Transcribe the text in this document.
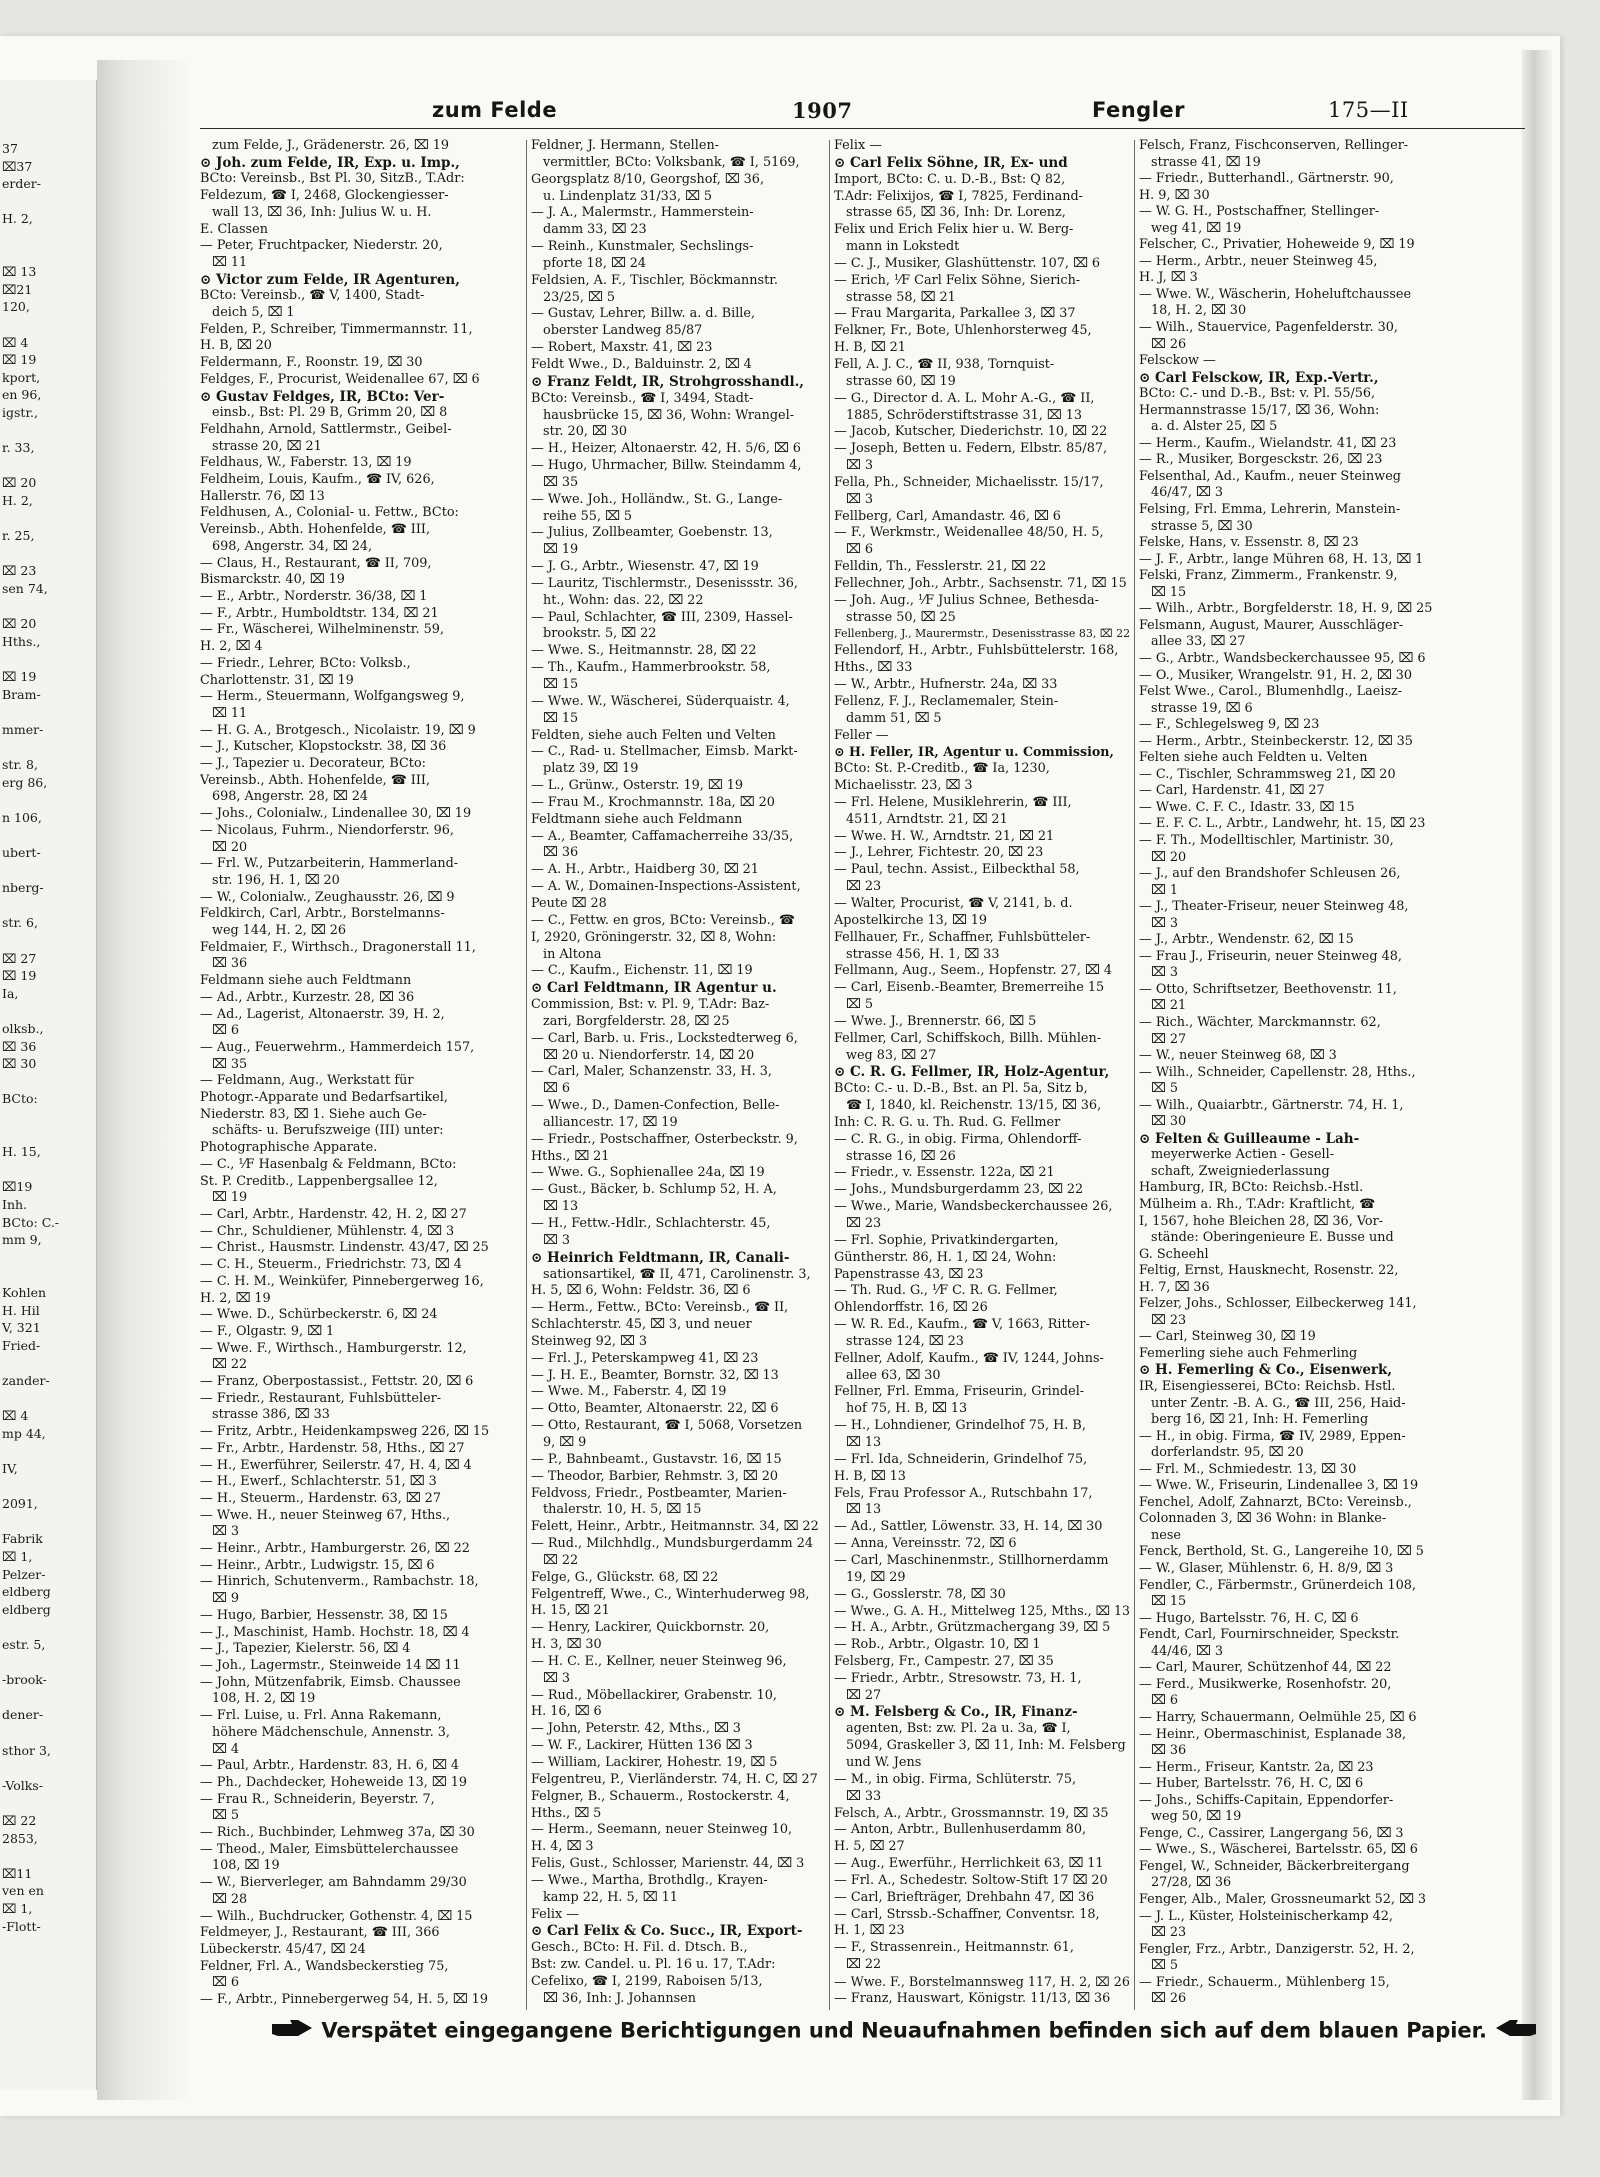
37
⌧37
erder-
H. 2,
⌧ 13
⌧21
120,
⌧ 4
⌧ 19
kport,
en 96,
igstr.,
r. 33,
⌧ 20
H. 2,
r. 25,
⌧ 23
sen 74,
⌧ 20
Hths.,
⌧ 19
Bram-
mmer-
str. 8,
erg 86,
n 106,
ubert-
nberg-
str. 6,
⌧ 27
⌧ 19
Ia,
olksb.,
⌧ 36
⌧ 30
BCto:
H. 15,
⌧19
Inh.
BCto: C.-
mm 9,
Kohlen
H. Hil
V, 321
Fried-
zander-
⌧ 4
mp 44,
IV,
2091,
Fabrik
⌧ 1,
Pelzer-
eldberg
eldberg
estr. 5,
-brook-
dener-
sthor 3,
-Volks-
⌧ 22
2853,
⌧11
ven en
⌧ 1,
-Flott-
zum Felde	1907	Fengler	175—II
zum Felde, J., Grädenerstr. 26, ⌧ 19
⊙ Joh. zum Felde, IR, Exp. u. Imp.,
BCto: Vereinsb., Bst Pl. 30, SitzB., T.Adr:
Feldezum, ☎ I, 2468, Glockengiesser-
wall 13, ⌧ 36, Inh: Julius W. u. H.
E. Classen
— Peter, Fruchtpacker, Niederstr. 20,
⌧ 11
⊙ Victor zum Felde, IR Agenturen,
BCto: Vereinsb., ☎ V, 1400, Stadt-
deich 5, ⌧ 1
Felden, P., Schreiber, Timmermannstr. 11,
H. B, ⌧ 20
Feldermann, F., Roonstr. 19, ⌧ 30
Feldges, F., Procurist, Weidenallee 67, ⌧ 6
⊙ Gustav Feldges, IR, BCto: Ver-
einsb., Bst: Pl. 29 B, Grimm 20, ⌧ 8
Feldhahn, Arnold, Sattlermstr., Geibel-
strasse 20, ⌧ 21
Feldhaus, W., Faberstr. 13, ⌧ 19
Feldheim, Louis, Kaufm., ☎ IV, 626,
Hallerstr. 76, ⌧ 13
Feldhusen, A., Colonial- u. Fettw., BCto:
Vereinsb., Abth. Hohenfelde, ☎ III,
698, Angerstr. 34, ⌧ 24,
— Claus, H., Restaurant, ☎ II, 709,
Bismarckstr. 40, ⌧ 19
— E., Arbtr., Norderstr. 36/38, ⌧ 1
— F., Arbtr., Humboldtstr. 134, ⌧ 21
— Fr., Wäscherei, Wilhelminenstr. 59,
H. 2, ⌧ 4
— Friedr., Lehrer, BCto: Volksb.,
Charlottenstr. 31, ⌧ 19
— Herm., Steuermann, Wolfgangsweg 9,
⌧ 11
— H. G. A., Brotgesch., Nicolaistr. 19, ⌧ 9
— J., Kutscher, Klopstockstr. 38, ⌧ 36
— J., Tapezier u. Decorateur, BCto:
Vereinsb., Abth. Hohenfelde, ☎ III,
698, Angerstr. 28, ⌧ 24
— Johs., Colonialw., Lindenallee 30, ⌧ 19
— Nicolaus, Fuhrm., Niendorferstr. 96,
⌧ 20
— Frl. W., Putzarbeiterin, Hammerland-
str. 196, H. 1, ⌧ 20
— W., Colonialw., Zeughausstr. 26, ⌧ 9
Feldkirch, Carl, Arbtr., Borstelmanns-
weg 144, H. 2, ⌧ 26
Feldmaier, F., Wirthsch., Dragonerstall 11,
⌧ 36
Feldmann siehe auch Feldtmann
— Ad., Arbtr., Kurzestr. 28, ⌧ 36
— Ad., Lagerist, Altonaerstr. 39, H. 2,
⌧ 6
— Aug., Feuerwehrm., Hammerdeich 157,
⌧ 35
— Feldmann, Aug., Werkstatt für
Photogr.-Apparate und Bedarfsartikel,
Niederstr. 83, ⌧ 1. Siehe auch Ge-
schäfts- u. Berufszweige (III) unter:
Photographische Apparate.
— C., ⅟F Hasenbalg & Feldmann, BCto:
St. P. Creditb., Lappenbergsallee 12,
⌧ 19
— Carl, Arbtr., Hardenstr. 42, H. 2, ⌧ 27
— Chr., Schuldiener, Mühlenstr. 4, ⌧ 3
— Christ., Hausmstr. Lindenstr. 43/47, ⌧ 25
— C. H., Steuerm., Friedrichstr. 73, ⌧ 4
— C. H. M., Weinküfer, Pinnebergerweg 16,
H. 2, ⌧ 19
— Wwe. D., Schürbeckerstr. 6, ⌧ 24
— F., Olgastr. 9, ⌧ 1
— Wwe. F., Wirthsch., Hamburgerstr. 12,
⌧ 22
— Franz, Oberpostassist., Fettstr. 20, ⌧ 6
— Friedr., Restaurant, Fuhlsbütteler-
strasse 386, ⌧ 33
— Fritz, Arbtr., Heidenkampsweg 226, ⌧ 15
— Fr., Arbtr., Hardenstr. 58, Hths., ⌧ 27
— H., Ewerführer, Seilerstr. 47, H. 4, ⌧ 4
— H., Ewerf., Schlachterstr. 51, ⌧ 3
— H., Steuerm., Hardenstr. 63, ⌧ 27
— Wwe. H., neuer Steinweg 67, Hths.,
⌧ 3
— Heinr., Arbtr., Hamburgerstr. 26, ⌧ 22
— Heinr., Arbtr., Ludwigstr. 15, ⌧ 6
— Hinrich, Schutenverm., Rambachstr. 18,
⌧ 9
— Hugo, Barbier, Hessenstr. 38, ⌧ 15
— J., Maschinist, Hamb. Hochstr. 18, ⌧ 4
— J., Tapezier, Kielerstr. 56, ⌧ 4
— Joh., Lagermstr., Steinweide 14 ⌧ 11
— John, Mützenfabrik, Eimsb. Chaussee
108, H. 2, ⌧ 19
— Frl. Luise, u. Frl. Anna Rakemann,
höhere Mädchenschule, Annenstr. 3,
⌧ 4
— Paul, Arbtr., Hardenstr. 83, H. 6, ⌧ 4
— Ph., Dachdecker, Hoheweide 13, ⌧ 19
— Frau R., Schneiderin, Beyerstr. 7,
⌧ 5
— Rich., Buchbinder, Lehmweg 37a, ⌧ 30
— Theod., Maler, Eimsbüttelerchaussee
108, ⌧ 19
— W., Bierverleger, am Bahndamm 29/30
⌧ 28
— Wilh., Buchdrucker, Gothenstr. 4, ⌧ 15
Feldmeyer, J., Restaurant, ☎ III, 366
Lübeckerstr. 45/47, ⌧ 24
Feldner, Frl. A., Wandsbeckerstieg 75,
⌧ 6
— F., Arbtr., Pinnebergerweg 54, H. 5, ⌧ 19
Feldner, J. Hermann, Stellen-
vermittler, BCto: Volksbank, ☎ I, 5169,
Georgsplatz 8/10, Georgshof, ⌧ 36,
u. Lindenplatz 31/33, ⌧ 5
— J. A., Malermstr., Hammerstein-
damm 33, ⌧ 23
— Reinh., Kunstmaler, Sechslings-
pforte 18, ⌧ 24
Feldsien, A. F., Tischler, Böckmannstr.
23/25, ⌧ 5
— Gustav, Lehrer, Billw. a. d. Bille,
oberster Landweg 85/87
— Robert, Maxstr. 41, ⌧ 23
Feldt Wwe., D., Balduinstr. 2, ⌧ 4
⊙ Franz Feldt, IR, Strohgrosshandl.,
BCto: Vereinsb., ☎ I, 3494, Stadt-
hausbrücke 15, ⌧ 36, Wohn: Wrangel-
str. 20, ⌧ 30
— H., Heizer, Altonaerstr. 42, H. 5/6, ⌧ 6
— Hugo, Uhrmacher, Billw. Steindamm 4,
⌧ 35
— Wwe. Joh., Holländw., St. G., Lange-
reihe 55, ⌧ 5
— Julius, Zollbeamter, Goebenstr. 13,
⌧ 19
— J. G., Arbtr., Wiesenstr. 47, ⌧ 19
— Lauritz, Tischlermstr., Desenissstr. 36,
ht., Wohn: das. 22, ⌧ 22
— Paul, Schlachter, ☎ III, 2309, Hassel-
brookstr. 5, ⌧ 22
— Wwe. S., Heitmannstr. 28, ⌧ 22
— Th., Kaufm., Hammerbrookstr. 58,
⌧ 15
— Wwe. W., Wäscherei, Süderquaistr. 4,
⌧ 15
Feldten, siehe auch Felten und Velten
— C., Rad- u. Stellmacher, Eimsb. Markt-
platz 39, ⌧ 19
— L., Grünw., Osterstr. 19, ⌧ 19
— Frau M., Krochmannstr. 18a, ⌧ 20
Feldtmann siehe auch Feldmann
— A., Beamter, Caffamacherreihe 33/35,
⌧ 36
— A. H., Arbtr., Haidberg 30, ⌧ 21
— A. W., Domainen-Inspections-Assistent,
Peute ⌧ 28
— C., Fettw. en gros, BCto: Vereinsb., ☎
I, 2920, Gröningerstr. 32, ⌧ 8, Wohn:
in Altona
— C., Kaufm., Eichenstr. 11, ⌧ 19
⊙ Carl Feldtmann, IR Agentur u.
Commission, Bst: v. Pl. 9, T.Adr: Baz-
zari, Borgfelderstr. 28, ⌧ 25
— Carl, Barb. u. Fris., Lockstedterweg 6,
⌧ 20 u. Niendorferstr. 14, ⌧ 20
— Carl, Maler, Schanzenstr. 33, H. 3,
⌧ 6
— Wwe., D., Damen-Confection, Belle-
alliancestr. 17, ⌧ 19
— Friedr., Postschaffner, Osterbeckstr. 9,
Hths., ⌧ 21
— Wwe. G., Sophienallee 24a, ⌧ 19
— Gust., Bäcker, b. Schlump 52, H. A,
⌧ 13
— H., Fettw.-Hdlr., Schlachterstr. 45,
⌧ 3
⊙ Heinrich Feldtmann, IR, Canali-
sationsartikel, ☎ II, 471, Carolinenstr. 3,
H. 5, ⌧ 6, Wohn: Feldstr. 36, ⌧ 6
— Herm., Fettw., BCto: Vereinsb., ☎ II,
Schlachterstr. 45, ⌧ 3, und neuer
Steinweg 92, ⌧ 3
— Frl. J., Peterskampweg 41, ⌧ 23
— J. H. E., Beamter, Bornstr. 32, ⌧ 13
— Wwe. M., Faberstr. 4, ⌧ 19
— Otto, Beamter, Altonaerstr. 22, ⌧ 6
— Otto, Restaurant, ☎ I, 5068, Vorsetzen
9, ⌧ 9
— P., Bahnbeamt., Gustavstr. 16, ⌧ 15
— Theodor, Barbier, Rehmstr. 3, ⌧ 20
Feldvoss, Friedr., Postbeamter, Marien-
thalerstr. 10, H. 5, ⌧ 15
Felett, Heinr., Arbtr., Heitmannstr. 34, ⌧ 22
— Rud., Milchhdlg., Mundsburgerdamm 24
⌧ 22
Felge, G., Glückstr. 68, ⌧ 22
Felgentreff, Wwe., C., Winterhuderweg 98,
H. 15, ⌧ 21
— Henry, Lackirer, Quickbornstr. 20,
H. 3, ⌧ 30
— H. C. E., Kellner, neuer Steinweg 96,
⌧ 3
— Rud., Möbellackirer, Grabenstr. 10,
H. 16, ⌧ 6
— John, Peterstr. 42, Mths., ⌧ 3
— W. F., Lackirer, Hütten 136 ⌧ 3
— William, Lackirer, Hohestr. 19, ⌧ 5
Felgentreu, P., Vierländerstr. 74, H. C, ⌧ 27
Felgner, B., Schauerm., Rostockerstr. 4,
Hths., ⌧ 5
— Herm., Seemann, neuer Steinweg 10,
H. 4, ⌧ 3
Felis, Gust., Schlosser, Marienstr. 44, ⌧ 3
— Wwe., Martha, Brothdlg., Krayen-
kamp 22, H. 5, ⌧ 11
Felix —
⊙ Carl Felix & Co. Succ., IR, Export-
Gesch., BCto: H. Fil. d. Dtsch. B.,
Bst: zw. Candel. u. Pl. 16 u. 17, T.Adr:
Cefelixo, ☎ I, 2199, Raboisen 5/13,
⌧ 36, Inh: J. Johannsen
Felix —
⊙ Carl Felix Söhne, IR, Ex- und
Import, BCto: C. u. D.-B., Bst: Q 82,
T.Adr: Felixijos, ☎ I, 7825, Ferdinand-
strasse 65, ⌧ 36, Inh: Dr. Lorenz,
Felix und Erich Felix hier u. W. Berg-
mann in Lokstedt
— C. J., Musiker, Glashüttenstr. 107, ⌧ 6
— Erich, ⅟F Carl Felix Söhne, Sierich-
strasse 58, ⌧ 21
— Frau Margarita, Parkallee 3, ⌧ 37
Felkner, Fr., Bote, Uhlenhorsterweg 45,
H. B, ⌧ 21
Fell, A. J. C., ☎ II, 938, Tornquist-
strasse 60, ⌧ 19
— G., Director d. A. L. Mohr A.-G., ☎ II,
1885, Schröderstiftstrasse 31, ⌧ 13
— Jacob, Kutscher, Diederichstr. 10, ⌧ 22
— Joseph, Betten u. Federn, Elbstr. 85/87,
⌧ 3
Fella, Ph., Schneider, Michaelisstr. 15/17,
⌧ 3
Fellberg, Carl, Amandastr. 46, ⌧ 6
— F., Werkmstr., Weidenallee 48/50, H. 5,
⌧ 6
Felldin, Th., Fesslerstr. 21, ⌧ 22
Fellechner, Joh., Arbtr., Sachsenstr. 71, ⌧ 15
— Joh. Aug., ⅟F Julius Schnee, Bethesda-
strasse 50, ⌧ 25
Fellenberg, J., Maurermstr., Desenisstrasse 83, ⌧ 22
Fellendorf, H., Arbtr., Fuhlsbüttelerstr. 168,
Hths., ⌧ 33
— W., Arbtr., Hufnerstr. 24a, ⌧ 33
Fellenz, F. J., Reclamemaler, Stein-
damm 51, ⌧ 5
Feller —
⊙ H. Feller, IR, Agentur u. Commission,
BCto: St. P.-Creditb., ☎ Ia, 1230,
Michaelisstr. 23, ⌧ 3
— Frl. Helene, Musiklehrerin, ☎ III,
4511, Arndtstr. 21, ⌧ 21
— Wwe. H. W., Arndtstr. 21, ⌧ 21
— J., Lehrer, Fichtestr. 20, ⌧ 23
— Paul, techn. Assist., Eilbeckthal 58,
⌧ 23
— Walter, Procurist, ☎ V, 2141, b. d.
Apostelkirche 13, ⌧ 19
Fellhauer, Fr., Schaffner, Fuhlsbütteler-
strasse 456, H. 1, ⌧ 33
Fellmann, Aug., Seem., Hopfenstr. 27, ⌧ 4
— Carl, Eisenb.-Beamter, Bremerreihe 15
⌧ 5
— Wwe. J., Brennerstr. 66, ⌧ 5
Fellmer, Carl, Schiffskoch, Billh. Mühlen-
weg 83, ⌧ 27
⊙ C. R. G. Fellmer, IR, Holz-Agentur,
BCto: C.- u. D.-B., Bst. an Pl. 5a, Sitz b,
☎ I, 1840, kl. Reichenstr. 13/15, ⌧ 36,
Inh: C. R. G. u. Th. Rud. G. Fellmer
— C. R. G., in obig. Firma, Ohlendorff-
strasse 16, ⌧ 26
— Friedr., v. Essenstr. 122a, ⌧ 21
— Johs., Mundsburgerdamm 23, ⌧ 22
— Wwe., Marie, Wandsbeckerchaussee 26,
⌧ 23
— Frl. Sophie, Privatkindergarten,
Güntherstr. 86, H. 1, ⌧ 24, Wohn:
Papenstrasse 43, ⌧ 23
— Th. Rud. G., ⅟F C. R. G. Fellmer,
Ohlendorffstr. 16, ⌧ 26
— W. R. Ed., Kaufm., ☎ V, 1663, Ritter-
strasse 124, ⌧ 23
Fellner, Adolf, Kaufm., ☎ IV, 1244, Johns-
allee 63, ⌧ 30
Fellner, Frl. Emma, Friseurin, Grindel-
hof 75, H. B, ⌧ 13
— H., Lohndiener, Grindelhof 75, H. B,
⌧ 13
— Frl. Ida, Schneiderin, Grindelhof 75,
H. B, ⌧ 13
Fels, Frau Professor A., Rutschbahn 17,
⌧ 13
— Ad., Sattler, Löwenstr. 33, H. 14, ⌧ 30
— Anna, Vereinsstr. 72, ⌧ 6
— Carl, Maschinenmstr., Stillhornerdamm
19, ⌧ 29
— G., Gosslerstr. 78, ⌧ 30
— Wwe., G. A. H., Mittelweg 125, Mths., ⌧ 13
— H. A., Arbtr., Grützmachergang 39, ⌧ 5
— Rob., Arbtr., Olgastr. 10, ⌧ 1
Felsberg, Fr., Campestr. 27, ⌧ 35
— Friedr., Arbtr., Stresowstr. 73, H. 1,
⌧ 27
⊙ M. Felsberg & Co., IR, Finanz-
agenten, Bst: zw. Pl. 2a u. 3a, ☎ I,
5094, Graskeller 3, ⌧ 11, Inh: M. Felsberg
und W. Jens
— M., in obig. Firma, Schlüterstr. 75,
⌧ 33
Felsch, A., Arbtr., Grossmannstr. 19, ⌧ 35
— Anton, Arbtr., Bullenhuserdamm 80,
H. 5, ⌧ 27
— Aug., Ewerführ., Herrlichkeit 63, ⌧ 11
— Frl. A., Schedestr. Soltow-Stift 17 ⌧ 20
— Carl, Briefträger, Drehbahn 47, ⌧ 36
— Carl, Strssb.-Schaffner, Conventsr. 18,
H. 1, ⌧ 23
— F., Strassenrein., Heitmannstr. 61,
⌧ 22
— Wwe. F., Borstelmannsweg 117, H. 2, ⌧ 26
— Franz, Hauswart, Königstr. 11/13, ⌧ 36
Felsch, Franz, Fischconserven, Rellinger-
strasse 41, ⌧ 19
— Friedr., Butterhandl., Gärtnerstr. 90,
H. 9, ⌧ 30
— W. G. H., Postschaffner, Stellinger-
weg 41, ⌧ 19
Felscher, C., Privatier, Hoheweide 9, ⌧ 19
— Herm., Arbtr., neuer Steinweg 45,
H. J, ⌧ 3
— Wwe. W., Wäscherin, Hoheluftchaussee
18, H. 2, ⌧ 30
— Wilh., Stauervice, Pagenfelderstr. 30,
⌧ 26
Felsckow —
⊙ Carl Felsckow, IR, Exp.-Vertr.,
BCto: C.- und D.-B., Bst: v. Pl. 55/56,
Hermannstrasse 15/17, ⌧ 36, Wohn:
a. d. Alster 25, ⌧ 5
— Herm., Kaufm., Wielandstr. 41, ⌧ 23
— R., Musiker, Borgesckstr. 26, ⌧ 23
Felsenthal, Ad., Kaufm., neuer Steinweg
46/47, ⌧ 3
Felsing, Frl. Emma, Lehrerin, Manstein-
strasse 5, ⌧ 30
Felske, Hans, v. Essenstr. 8, ⌧ 23
— J. F., Arbtr., lange Mühren 68, H. 13, ⌧ 1
Felski, Franz, Zimmerm., Frankenstr. 9,
⌧ 15
— Wilh., Arbtr., Borgfelderstr. 18, H. 9, ⌧ 25
Felsmann, August, Maurer, Ausschläger-
allee 33, ⌧ 27
— G., Arbtr., Wandsbeckerchaussee 95, ⌧ 6
— O., Musiker, Wrangelstr. 91, H. 2, ⌧ 30
Felst Wwe., Carol., Blumenhdlg., Laeisz-
strasse 19, ⌧ 6
— F., Schlegelsweg 9, ⌧ 23
— Herm., Arbtr., Steinbeckerstr. 12, ⌧ 35
Felten siehe auch Feldten u. Velten
— C., Tischler, Schrammsweg 21, ⌧ 20
— Carl, Hardenstr. 41, ⌧ 27
— Wwe. C. F. C., Idastr. 33, ⌧ 15
— E. F. C. L., Arbtr., Landwehr, ht. 15, ⌧ 23
— F. Th., Modelltischler, Martinistr. 30,
⌧ 20
— J., auf den Brandshofer Schleusen 26,
⌧ 1
— J., Theater-Friseur, neuer Steinweg 48,
⌧ 3
— J., Arbtr., Wendenstr. 62, ⌧ 15
— Frau J., Friseurin, neuer Steinweg 48,
⌧ 3
— Otto, Schriftsetzer, Beethovenstr. 11,
⌧ 21
— Rich., Wächter, Marckmannstr. 62,
⌧ 27
— W., neuer Steinweg 68, ⌧ 3
— Wilh., Schneider, Capellenstr. 28, Hths.,
⌧ 5
— Wilh., Quaiarbtr., Gärtnerstr. 74, H. 1,
⌧ 30
⊙ Felten & Guilleaume - Lah-
meyerwerke Actien - Gesell-
schaft, Zweigniederlassung
Hamburg, IR, BCto: Reichsb.-Hstl.
Mülheim a. Rh., T.Adr: Kraftlicht, ☎
I, 1567, hohe Bleichen 28, ⌧ 36, Vor-
stände: Oberingenieure E. Busse und
G. Scheehl
Feltig, Ernst, Hausknecht, Rosenstr. 22,
H. 7, ⌧ 36
Felzer, Johs., Schlosser, Eilbeckerweg 141,
⌧ 23
— Carl, Steinweg 30, ⌧ 19
Femerling siehe auch Fehmerling
⊙ H. Femerling & Co., Eisenwerk,
IR, Eisengiesserei, BCto: Reichsb. Hstl.
unter Zentr. -B. A. G., ☎ III, 256, Haid-
berg 16, ⌧ 21, Inh: H. Femerling
— H., in obig. Firma, ☎ IV, 2989, Eppen-
dorferlandstr. 95, ⌧ 20
— Frl. M., Schmiedestr. 13, ⌧ 30
— Wwe. W., Friseurin, Lindenallee 3, ⌧ 19
Fenchel, Adolf, Zahnarzt, BCto: Vereinsb.,
Colonnaden 3, ⌧ 36 Wohn: in Blanke-
nese
Fenck, Berthold, St. G., Langereihe 10, ⌧ 5
— W., Glaser, Mühlenstr. 6, H. 8/9, ⌧ 3
Fendler, C., Färbermstr., Grünerdeich 108,
⌧ 15
— Hugo, Bartelsstr. 76, H. C, ⌧ 6
Fendt, Carl, Fournirschneider, Speckstr.
44/46, ⌧ 3
— Carl, Maurer, Schützenhof 44, ⌧ 22
— Ferd., Musikwerke, Rosenhofstr. 20,
⌧ 6
— Harry, Schauermann, Oelmühle 25, ⌧ 6
— Heinr., Obermaschinist, Esplanade 38,
⌧ 36
— Herm., Friseur, Kantstr. 2a, ⌧ 23
— Huber, Bartelsstr. 76, H. C, ⌧ 6
— Johs., Schiffs-Capitain, Eppendorfer-
weg 50, ⌧ 19
Fenge, C., Cassirer, Langergang 56, ⌧ 3
— Wwe., S., Wäscherei, Bartelsstr. 65, ⌧ 6
Fengel, W., Schneider, Bäckerbreitergang
27/28, ⌧ 36
Fenger, Alb., Maler, Grossneumarkt 52, ⌧ 3
— J. L., Küster, Holsteinischerkamp 42,
⌧ 23
Fengler, Frz., Arbtr., Danzigerstr. 52, H. 2,
⌧ 5
— Friedr., Schauerm., Mühlenberg 15,
⌧ 26
Verspätet eingegangene Berichtigungen und Neuaufnahmen befinden sich auf dem blauen Papier.
